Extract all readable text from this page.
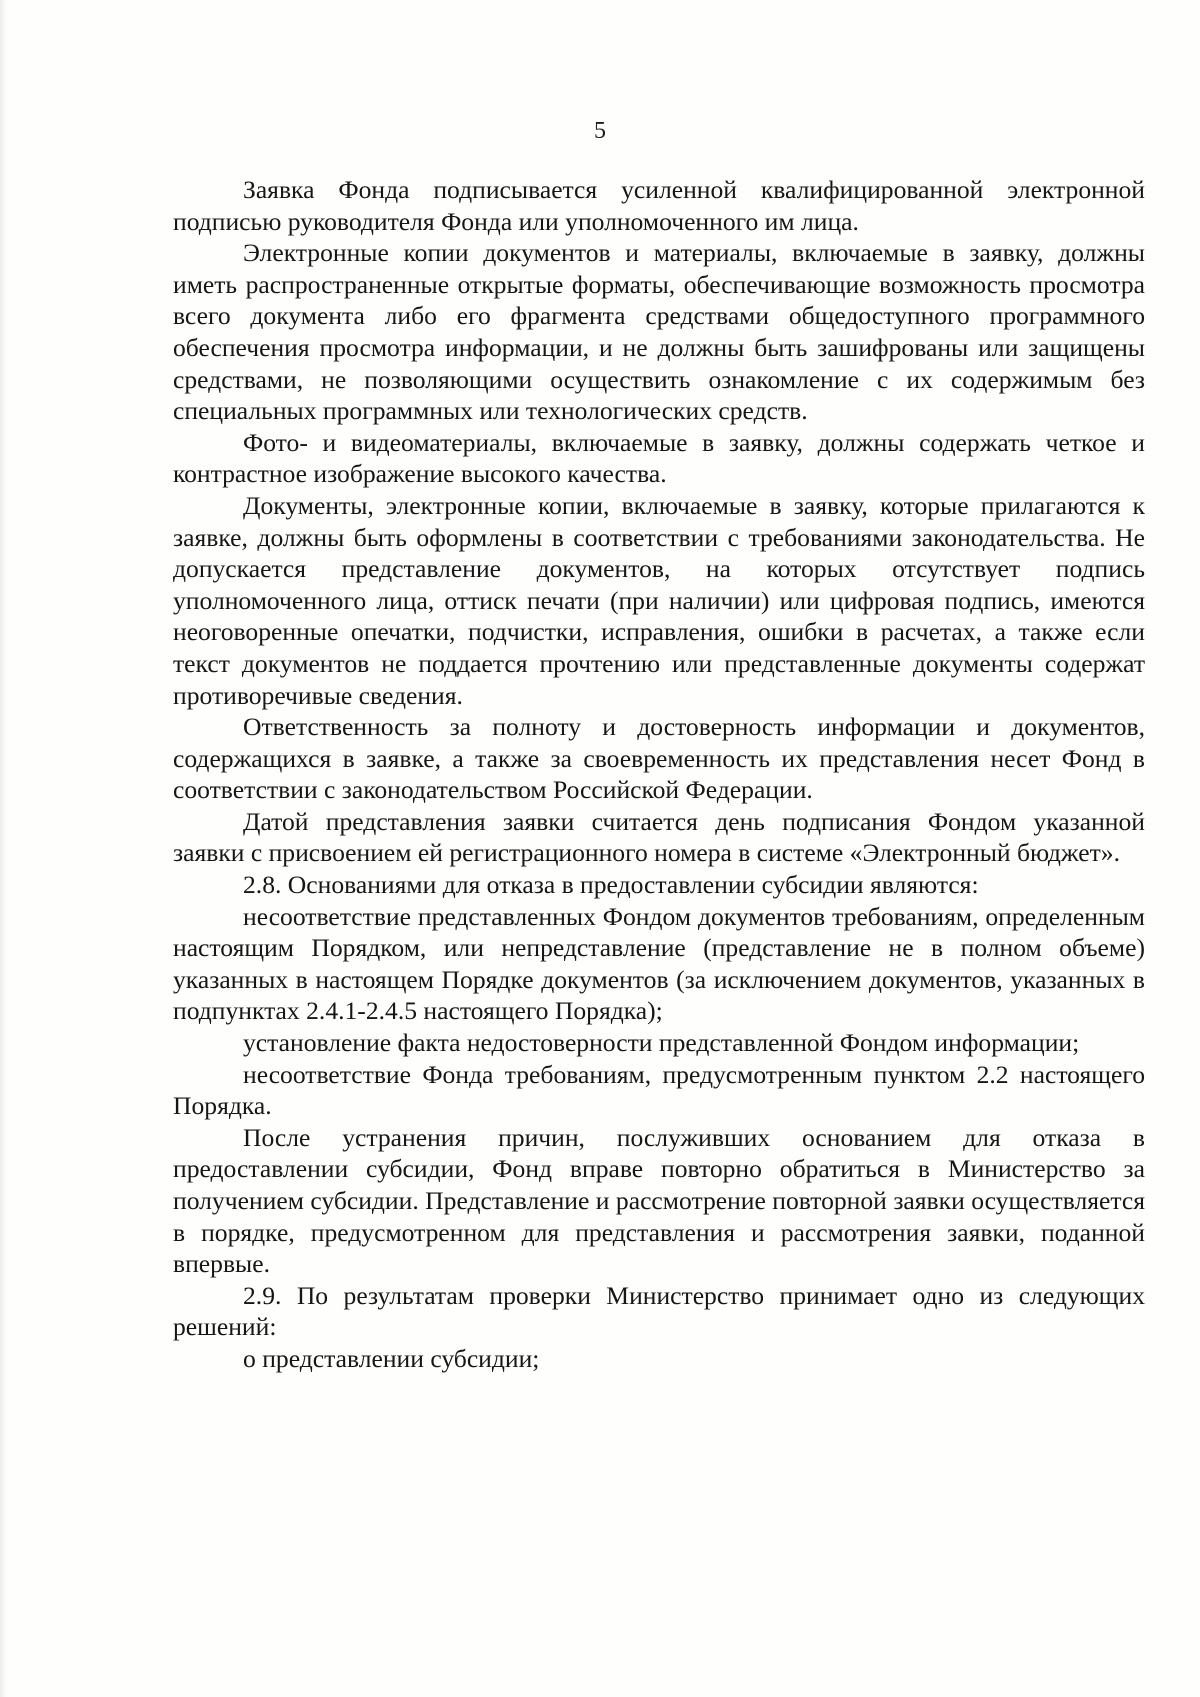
5

Заявка Фонда подписывается усиленной квалифицированной электронной подписью руководителя Фонда или уполномоченного им лица.

Электронные копии документов и материалы, включаемые в заявку, должны иметь распространенные открытые форматы, обеспечивающие возможность просмотра всего документа либо его фрагмента средствами общедоступного программного обеспечения просмотра информации, и не должны быть зашифрованы или защищены средствами, не позволяющими осуществить ознакомление с их содержимым без специальных программных или технологических средств.

Фото- и видеоматериалы, включаемые в заявку, должны содержать четкое и контрастное изображение высокого качества.

Документы, электронные копии, включаемые в заявку, которые прилагаются к заявке, должны быть оформлены в соответствии с требованиями законодательства. Не допускается представление документов, на которых отсутствует подпись уполномоченного лица, оттиск печати (при наличии) или цифровая подпись, имеются неоговоренные опечатки, подчистки, исправления, ошибки в расчетах, а также если текст документов не поддается прочтению или представленные документы содержат противоречивые сведения.

Ответственность за полноту и достоверность информации и документов, содержащихся в заявке, а также за своевременность их представления несет Фонд в соответствии с законодательством Российской Федерации.

Датой представления заявки считается день подписания Фондом указанной заявки с присвоением ей регистрационного номера в системе «Электронный бюджет».

2.8. Основаниями для отказа в предоставлении субсидии являются:

несоответствие представленных Фондом документов требованиям, определенным настоящим Порядком, или непредставление (представление не в полном объеме) указанных в настоящем Порядке документов (за исключением документов, указанных в подпунктах 2.4.1-2.4.5 настоящего Порядка);

установление факта недостоверности представленной Фондом информации;

несоответствие Фонда требованиям, предусмотренным пунктом 2.2 настоящего Порядка.

После устранения причин, послуживших основанием для отказа в предоставлении субсидии, Фонд вправе повторно обратиться в Министерство за получением субсидии. Представление и рассмотрение повторной заявки осуществляется в порядке, предусмотренном для представления и рассмотрения заявки, поданной впервые.

2.9. По результатам проверки Министерство принимает одно из следующих решений:

о представлении субсидии;
